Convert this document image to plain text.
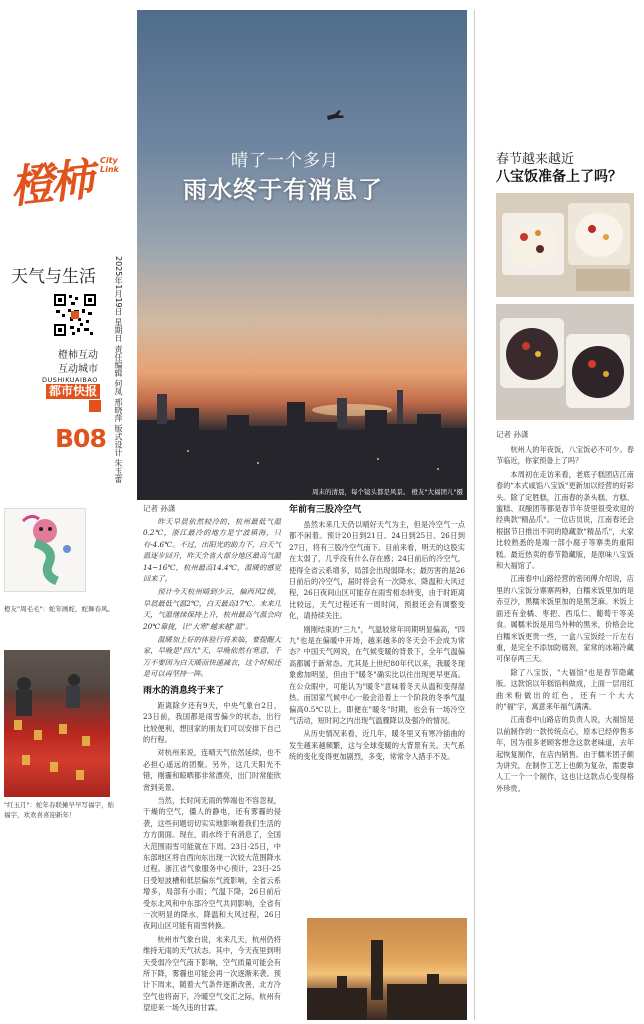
橙柿 City Link
天气与生活 2025年1月19日 星期日 责任编辑 何凤 邢晓萍 版式设计 朱玉蕾
橙柿互动
互动城市
DUSHIKUAIBAO
都市快报
B08
橙友"周毛毛"：蛇年画蛇，蛇舞春风。
"红玉月"：蛇年春联摊早早写福字，贴福字，欢欢喜喜迎新年！
晴了一个多月
雨水终于有消息了
周末的清晨，每个镜头都是风景。 橙友"大福团儿"摄
记者 孙潇

昨天早晨依然较冷的，杭州最低气温0.2℃，浙江最冷的地方是宁波镇海，只有-4.6℃。不过，出阳光的助力下，白天气温逐步回升，昨天全省大部分地区最高气温14~16℃，杭州最高14.4℃，温暖的感觉回来了。

预计今天杭州晴到少云，偏西风2级，早晨最低气温2℃，白天最高17℃。未来几天，气温继续保持上升，杭州最高气温会向20℃靠拢，让"大寒"越来越"温"。

温暖加上好的体验行将来临，要提醒大家，早晚是"四九"天，早晚依然有寒意，千万不要因为白天暖而快速减衣，这个时候还是可以再坚持一阵。

雨水的消息终于来了

距离除夕还有9天，中央气象台2日，23日前，我国都是雨雪偏少的状态，出行比较便利，想回家的朋友们可以安排下自己的行程。

对杭州来说，连晴天气依然延续，也不必担心遥远的团聚。另外，这几天阳光不错，刚霾和晾晒都非常漂亮，出门时常能欣赏到美景。

当然，长时间无雨的弊端也不容忽视，干燥的空气，僵人的静电，还有雾霾的侵袭，这些问题切切实实地影响着我们生活的方方面面。现在，雨水终于有消息了，全国大范围雨雪可能就在下周。23日-25日，中东部地区将自西向东出现一次较大范围降水过程。浙江省气象服务中心预计，23日-25日受短波槽和低层偏东气流影响，全省云系增多，局部有小雨；气温下降，26日前后受东北风和中东部冷空气共同影响，全省有一次明显的降水、降温和大风过程，26日夜间山区可能有雨雪转换。

杭州市气象台说，未来几天，杭州仍将维持无雨的天气状态。其中，今天夜里到明天受弱冷空气南下影响，空气质量可能会有所下降，雾霾也可能会再一次逐渐来袭。预计下周末，随着大气条件逐渐改善，北方冷空气也将南下，冷暖空气交汇之际，杭州有望迎来一场久违的甘霖。

年前有三股冷空气

虽然未来几天仍以晴好天气为主，但是冷空气一点都不闲着。预计20日到21日、24日到25日、26日到27日，将有三股冷空气南下。目前来看，明天的这股实在太弱了，几乎没有什么存在感；24日前后的冷空气，使得全省云系增多，局部会出现弱降水；最厉害的是26日前后的冷空气，届时将会有一次降水、降温和大风过程，26日夜间山区可能存在雨雪相态转变，由于时距离比较远，天气过程还有一周时间，预报还会有调整变化，请持续关注。

刚刚结束的"三九"，气温较常年同期明显偏高，"四九"也是在偏暖中开场，越来越多的冬天会不会成为常态？中国天气网说，在气候变暖的背景下，全年气温偏高都属于新常态。尤其是上世纪80年代以来，我暖冬现象愈加明显，但由于"暖冬"确实比以往出现更早更高。在公众眼中，可能认为"暖冬"意味着冬天从温和变得湿热。而国家气候中心一般会沿着上一个阶段的冬季气温偏高0.5℃以上。即便在"暖冬"时期，也会有一场冷空气活动，短时间之内出现气温骤降以及强冷的情况。

从历史情况来看，近几年，暖冬里又有寒冷插曲的发生越来越频繁，这与全球变暖的大背景有关。天气系统的变化变得更加剧烈，多变，常常令人措手不及。

春节越来越近
八宝饭准备上了吗？
记者 孙潇

杭州人的年夜饭，八宝饭必不可少。春节临近，你家预备上了吗？

本周初在走访来看，老底子糕团店江南春的"本式咸馅八宝饭"更新加以经营的好彩头。除了定胜糕，江南春的条头糕、方糕、蜜糕、双酿团等都是春节年货里很受欢迎的经典款"精品爪"。一位店员说，江南春还会根据节日推出不同的隐藏款"精品爪"，大家比较熟悉的是端一部小腐子等寨类的重阳糕。最近热卖的春节隐藏版，是原味八宝饭和大福馆了。

江南春中山路经营的密闭傅介绍说，店里的八宝饭分寨寨两种，白糯米饭里加的是赤豆沙，黑糯米饭里加的是黑芝麻。米饭上面还有金橘、枣把、西瓜仁、葡萄干等美食。属糯米饭是用鸟外种的黑米，价格会比白糯米饭更贵一些，一盒八宝饭经一斤左右重，是完全不添加防腐剂，家常的冰箱冷藏可保存两三天。

除了八宝饭，"大福馆"也是春节隐藏版。这款馆以年糕馅料做成，上面一层用红曲米粉做出的红色，还有一个大大的"福"字，寓意来年福气满满。

江南春中山路店的负责人说，大福馆是以前制作的一款传统点心，原本已经停售多年，因为很多老顾客想念这款老味道，去年起恢复制作，在店内销售。由于糯米团子颇为讲究，在制作工艺上也颇为复杂，需要靠人工一个一个制作，这也让这款点心变得格外珍贵。
